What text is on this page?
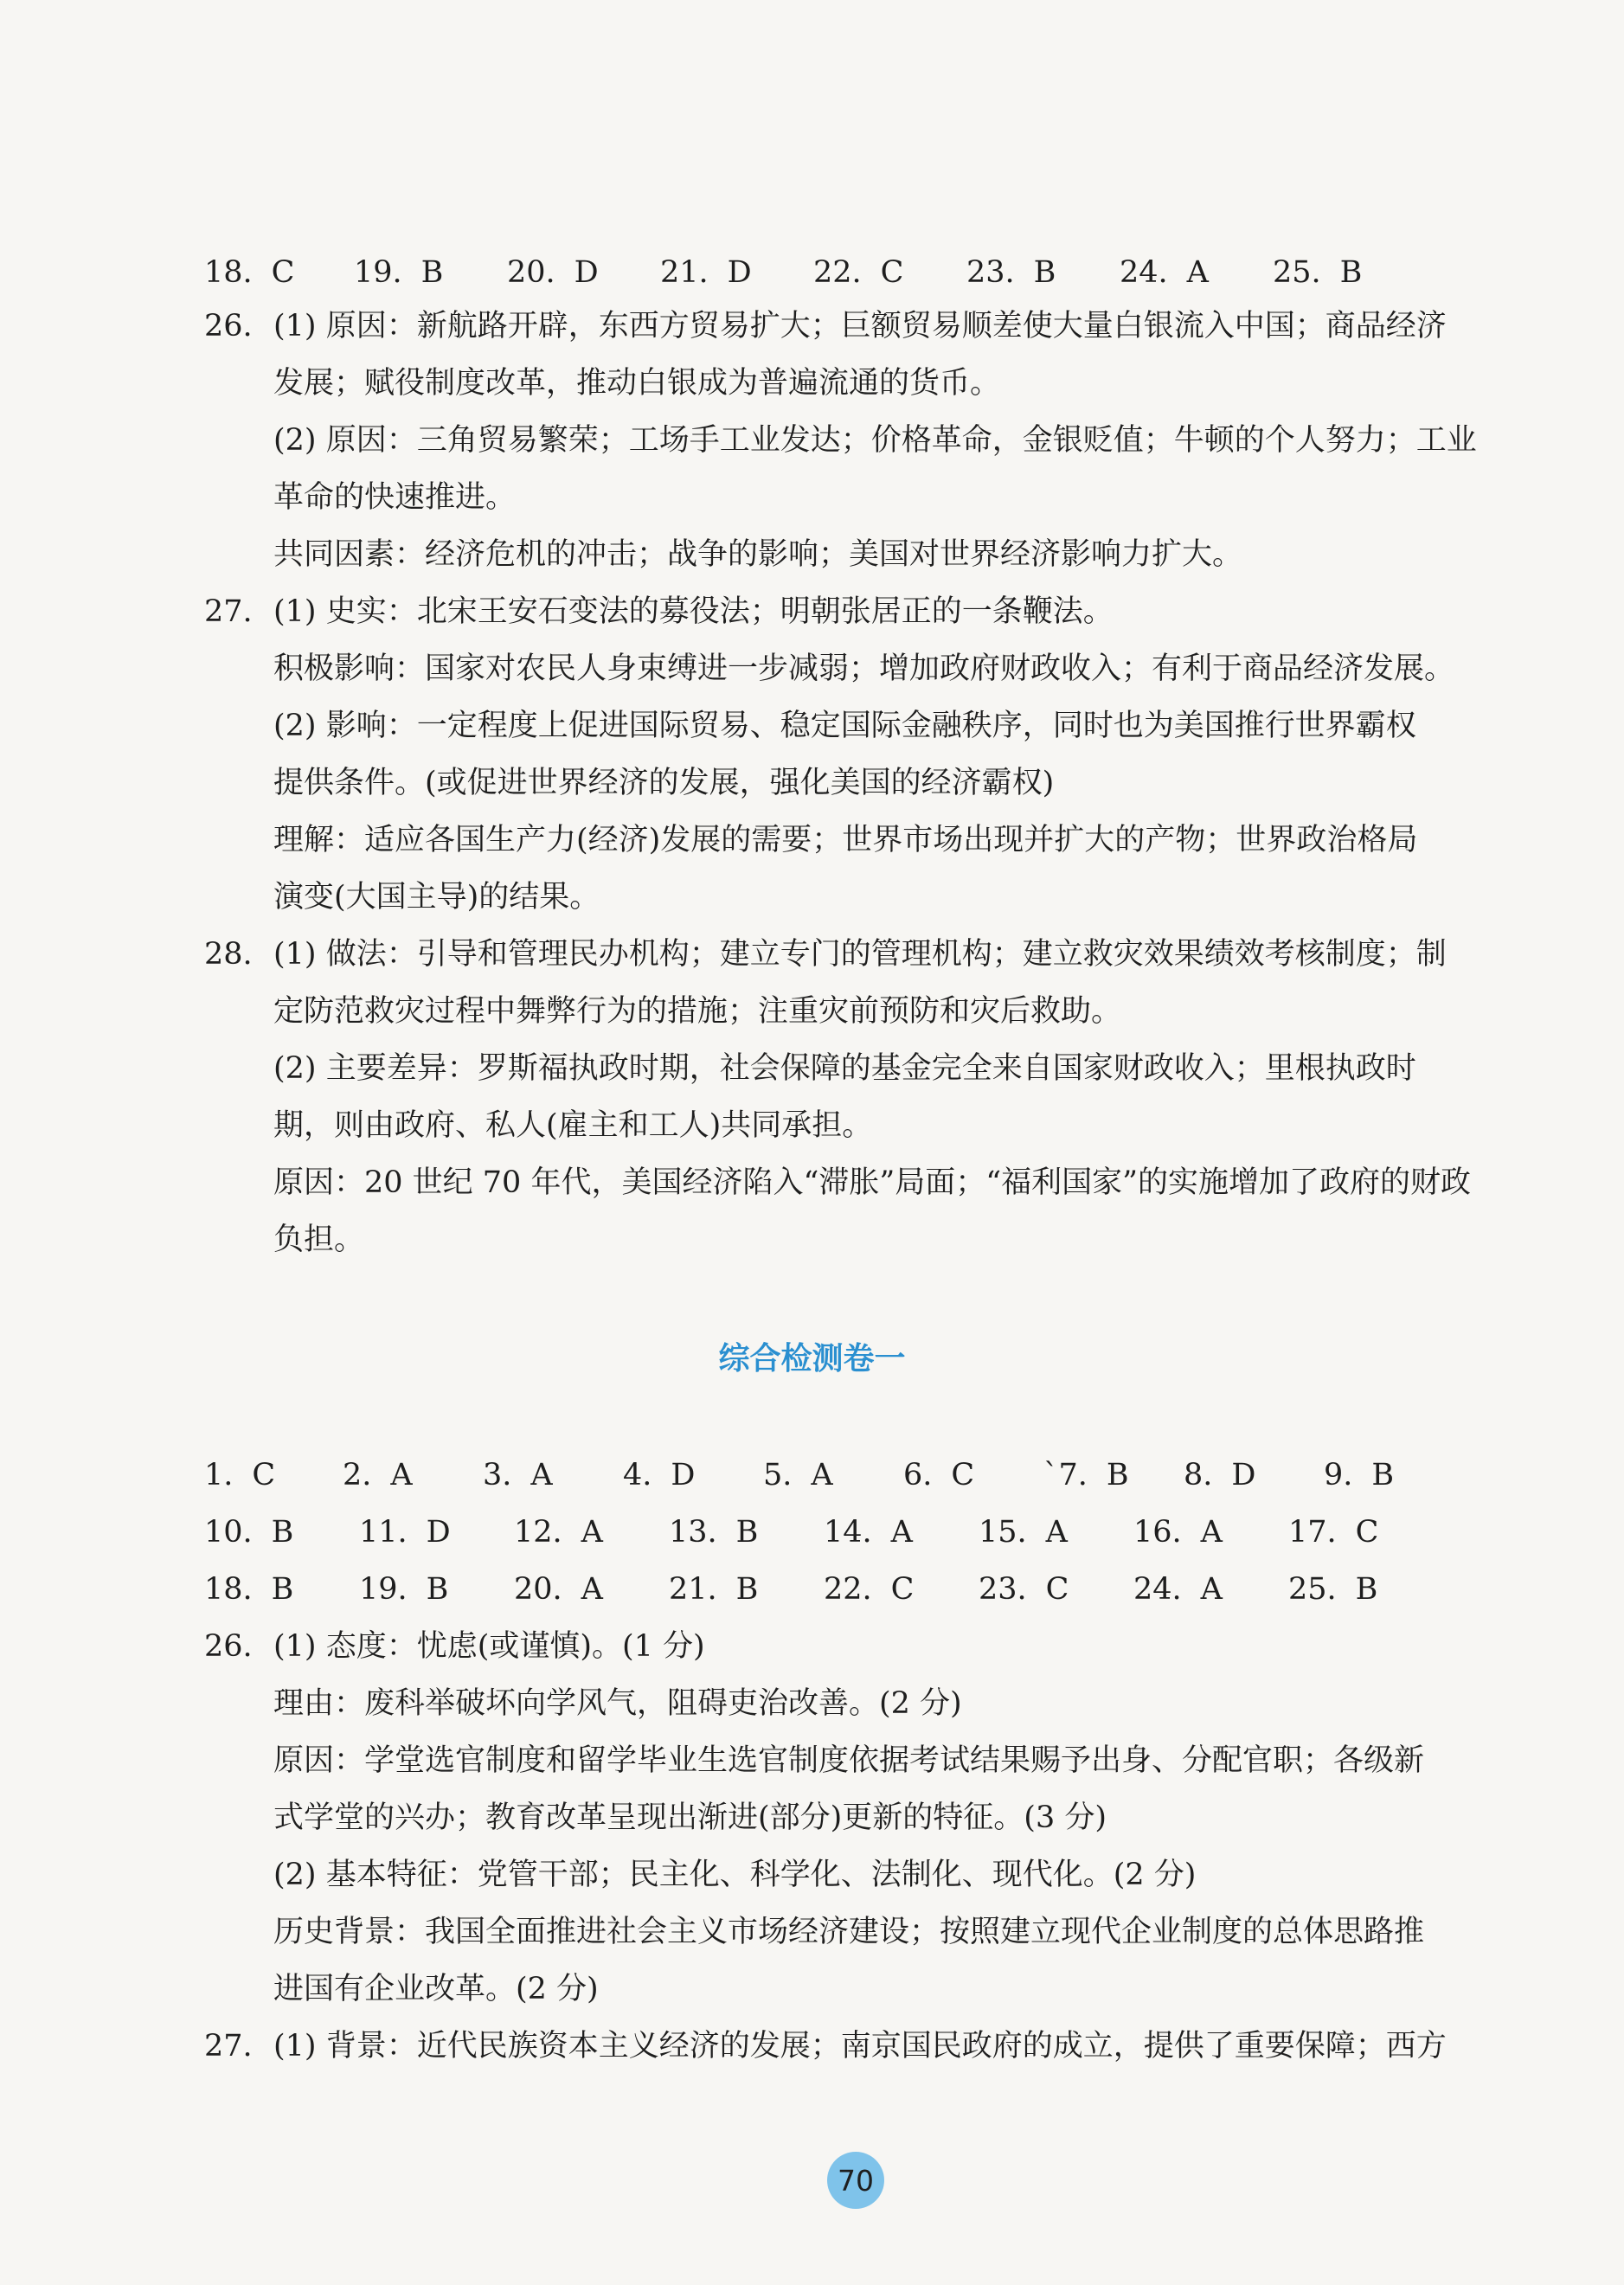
18. C 19. B 20. D 21. D 22. C 23. B 24. A 25. B
26. (1) 原因：新航路开辟，东西方贸易扩大；巨额贸易顺差使大量白银流入中国；商品经济
发展；赋役制度改革，推动白银成为普遍流通的货币。
(2) 原因：三角贸易繁荣；工场手工业发达；价格革命，金银贬值；牛顿的个人努力；工业
革命的快速推进。
共同因素：经济危机的冲击；战争的影响；美国对世界经济影响力扩大。
27. (1) 史实：北宋王安石变法的募役法；明朝张居正的一条鞭法。
积极影响：国家对农民人身束缚进一步减弱；增加政府财政收入；有利于商品经济发展。
(2) 影响：一定程度上促进国际贸易、稳定国际金融秩序，同时也为美国推行世界霸权
提供条件。(或促进世界经济的发展，强化美国的经济霸权)
理解：适应各国生产力(经济)发展的需要；世界市场出现并扩大的产物；世界政治格局
演变(大国主导)的结果。
28. (1) 做法：引导和管理民办机构；建立专门的管理机构；建立救灾效果绩效考核制度；制
定防范救灾过程中舞弊行为的措施；注重灾前预防和灾后救助。
(2) 主要差异：罗斯福执政时期，社会保障的基金完全来自国家财政收入；里根执政时
期，则由政府、私人(雇主和工人)共同承担。
原因：20 世纪 70 年代，美国经济陷入“滞胀”局面；“福利国家”的实施增加了政府的财政
负担。
综合检测卷一
1. C 2. A 3. A 4. D 5. A 6. C `7. B 8. D 9. B
10. B 11. D 12. A 13. B 14. A 15. A 16. A 17. C
18. B 19. B 20. A 21. B 22. C 23. C 24. A 25. B
26. (1) 态度：忧虑(或谨慎)。(1 分)
理由：废科举破坏向学风气，阻碍吏治改善。(2 分)
原因：学堂选官制度和留学毕业生选官制度依据考试结果赐予出身、分配官职；各级新
式学堂的兴办；教育改革呈现出渐进(部分)更新的特征。(3 分)
(2) 基本特征：党管干部；民主化、科学化、法制化、现代化。(2 分)
历史背景：我国全面推进社会主义市场经济建设；按照建立现代企业制度的总体思路推
进国有企业改革。(2 分)
27. (1) 背景：近代民族资本主义经济的发展；南京国民政府的成立，提供了重要保障；西方
70
